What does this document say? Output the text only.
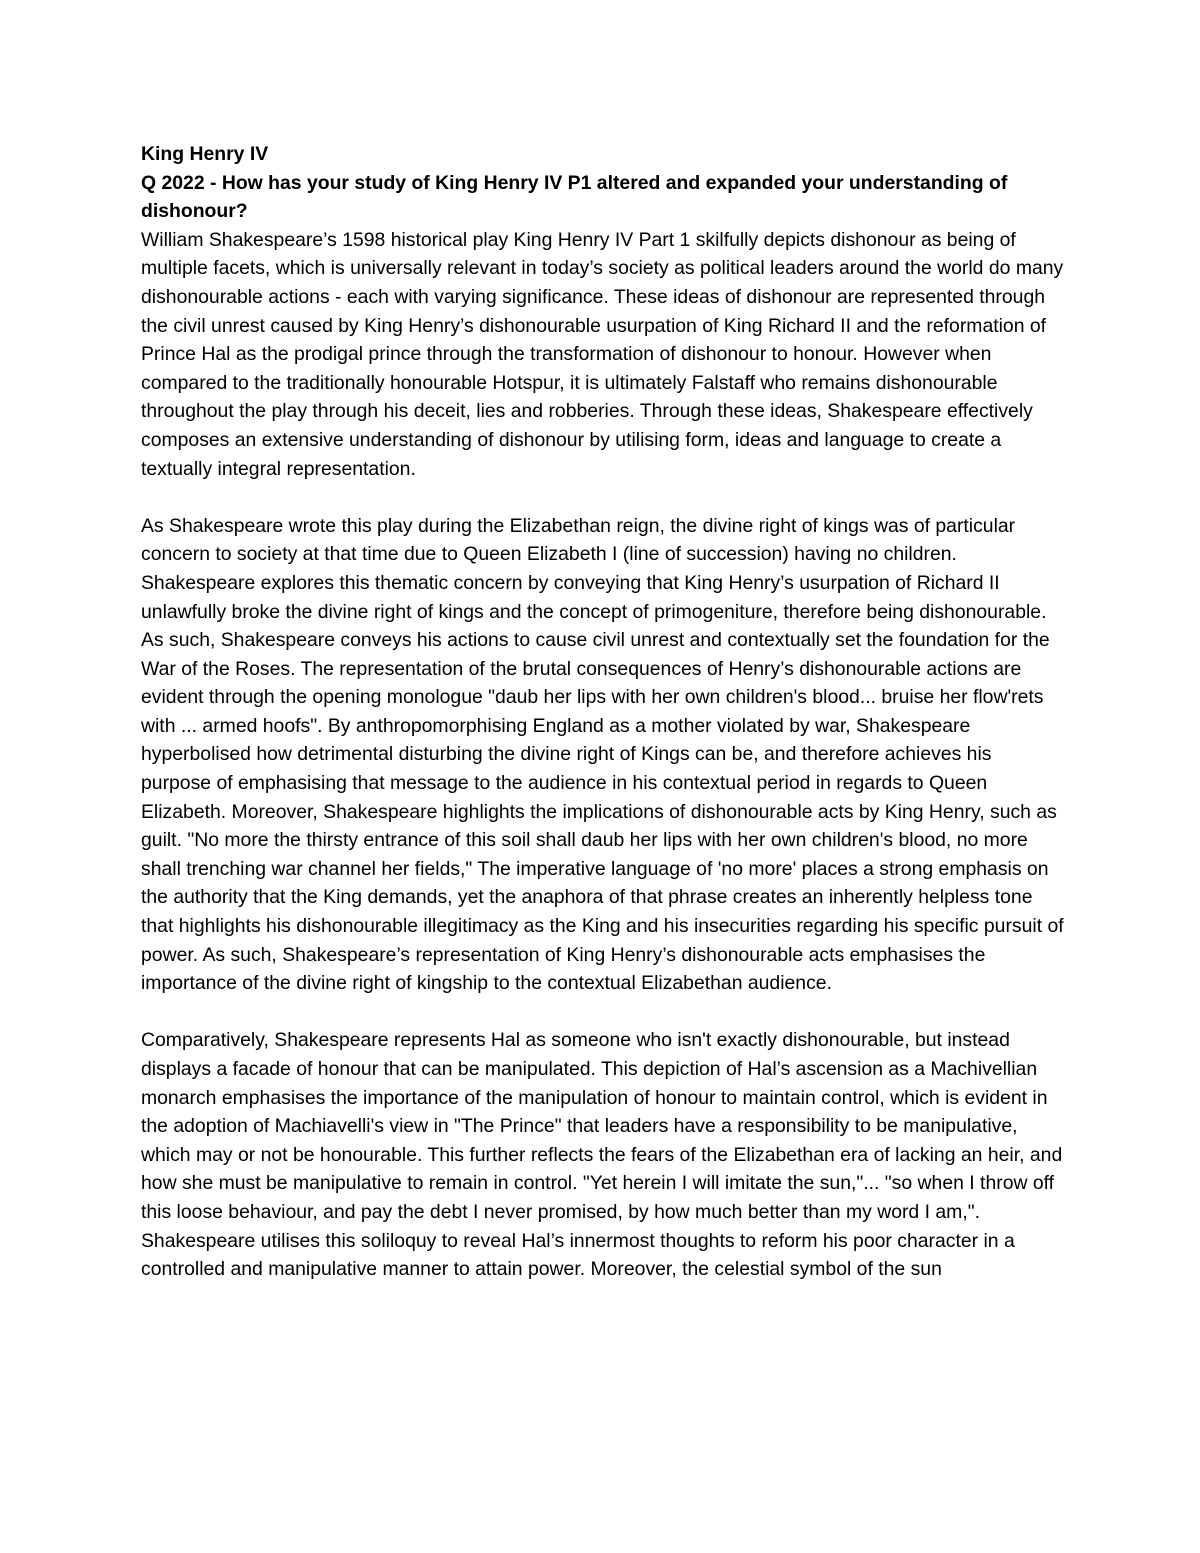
King Henry IV

Q 2022 - How has your study of King Henry IV P1 altered and expanded your understanding of dishonour?

William Shakespeare’s 1598 historical play King Henry IV Part 1 skilfully depicts dishonour as being of multiple facets, which is universally relevant in today’s society as political leaders around the world do many dishonourable actions - each with varying significance. These ideas of dishonour are represented through the civil unrest caused by King Henry’s dishonourable usurpation of King Richard II and the reformation of Prince Hal as the prodigal prince through the transformation of dishonour to honour. However when compared to the traditionally honourable Hotspur, it is ultimately Falstaff who remains dishonourable throughout the play through his deceit, lies and robberies. Through these ideas, Shakespeare effectively composes an extensive understanding of dishonour by utilising form, ideas and language to create a textually integral representation.

As Shakespeare wrote this play during the Elizabethan reign, the divine right of kings was of particular concern to society at that time due to Queen Elizabeth I (line of succession) having no children. Shakespeare explores this thematic concern by conveying that King Henry’s usurpation of Richard II unlawfully broke the divine right of kings and the concept of primogeniture, therefore being dishonourable. As such, Shakespeare conveys his actions to cause civil unrest and contextually set the foundation for the War of the Roses. The representation of the brutal consequences of Henry’s dishonourable actions are evident through the opening monologue "daub her lips with her own children's blood... bruise her flow'rets with ... armed hoofs". By anthropomorphising England as a mother violated by war, Shakespeare hyperbolised how detrimental disturbing the divine right of Kings can be, and therefore achieves his purpose of emphasising that message to the audience in his contextual period in regards to Queen Elizabeth. Moreover, Shakespeare highlights the implications of dishonourable acts by King Henry, such as guilt. "No more the thirsty entrance of this soil shall daub her lips with her own children's blood, no more shall trenching war channel her fields," The imperative language of 'no more' places a strong emphasis on the authority that the King demands, yet the anaphora of that phrase creates an inherently helpless tone that highlights his dishonourable illegitimacy as the King and his insecurities regarding his specific pursuit of power. As such, Shakespeare’s representation of King Henry’s dishonourable acts emphasises the importance of the divine right of kingship to the contextual Elizabethan audience.

Comparatively, Shakespeare represents Hal as someone who isn't exactly dishonourable, but instead displays a facade of honour that can be manipulated. This depiction of Hal’s ascension as a Machivellian monarch emphasises the importance of the manipulation of honour to maintain control, which is evident in the adoption of Machiavelli's view in "The Prince" that leaders have a responsibility to be manipulative, which may or not be honourable. This further reflects the fears of the Elizabethan era of lacking an heir, and how she must be manipulative to remain in control. "Yet herein I will imitate the sun,"... "so when I throw off this loose behaviour, and pay the debt I never promised, by how much better than my word I am,". Shakespeare utilises this soliloquy to reveal Hal’s innermost thoughts to reform his poor character in a controlled and manipulative manner to attain power. Moreover, the celestial symbol of the sun
